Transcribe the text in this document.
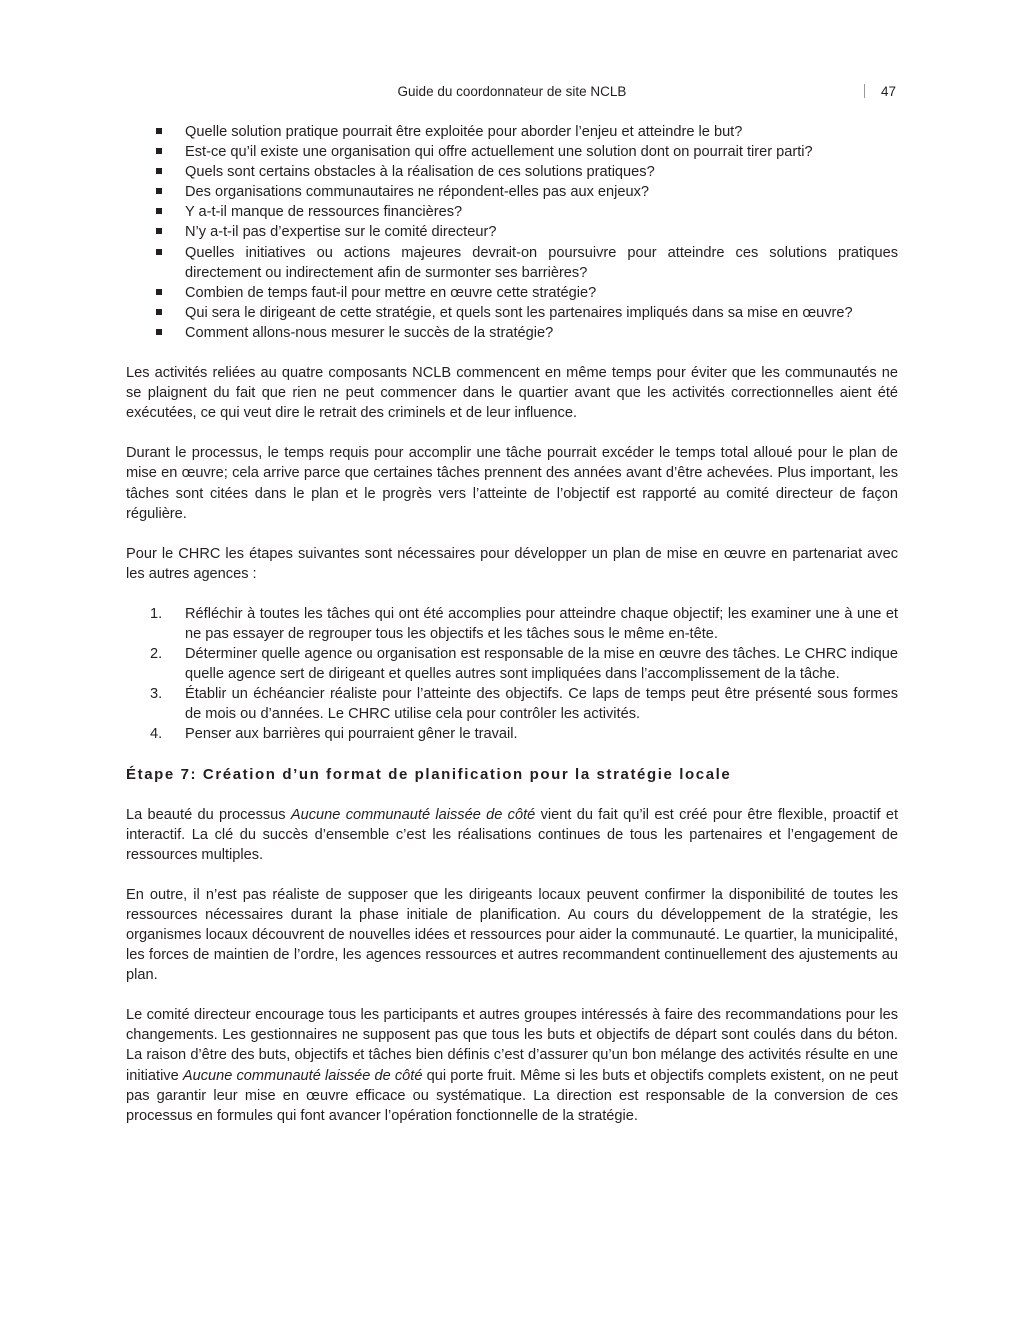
Guide du coordonnateur de site NCLB	47
Quelle solution pratique pourrait être exploitée pour aborder l’enjeu et atteindre le but?
Est-ce qu’il existe une organisation qui offre actuellement une solution dont on pourrait tirer parti?
Quels sont certains obstacles à la réalisation de ces solutions pratiques?
Des organisations communautaires ne répondent-elles pas aux enjeux?
Y a-t-il manque de ressources financières?
N’y a-t-il pas d’expertise sur le comité directeur?
Quelles initiatives ou actions majeures devrait-on poursuivre pour atteindre ces solutions pratiques directement ou indirectement afin de surmonter ses barrières?
Combien de temps faut-il pour mettre en œuvre cette stratégie?
Qui sera le dirigeant de cette stratégie, et quels sont les partenaires impliqués dans sa mise en œuvre?
Comment allons-nous mesurer le succès de la stratégie?

Les activités reliées au quatre composants NCLB commencent en même temps pour éviter que les communautés ne se plaignent du fait que rien ne peut commencer dans le quartier avant que les activités correctionnelles aient été exécutées, ce qui veut dire le retrait des criminels et de leur influence.

Durant le processus, le temps requis pour accomplir une tâche pourrait excéder le temps total alloué pour le plan de mise en œuvre; cela arrive parce que certaines tâches prennent des années avant d’être achevées. Plus important, les tâches sont citées dans le plan et le progrès vers l’atteinte de l’objectif est rapporté au comité directeur de façon régulière.

Pour le CHRC les étapes suivantes sont nécessaires pour développer un plan de mise en œuvre en partenariat avec les autres agences :

1.	Réfléchir à toutes les tâches qui ont été accomplies pour atteindre chaque objectif; les examiner une à une et ne pas essayer de regrouper tous les objectifs et les tâches sous le même en-tête.
2.	Déterminer quelle agence ou organisation est responsable de la mise en œuvre des tâches. Le CHRC indique quelle agence sert de dirigeant et quelles autres sont impliquées dans l’accomplissement de la tâche.
3.	Établir un échéancier réaliste pour l’atteinte des objectifs. Ce laps de temps peut être présenté sous formes de mois ou d’années. Le CHRC utilise cela pour contrôler les activités.
4.	Penser aux barrières qui pourraient gêner le travail.
Étape 7: Création d’un format de planification pour la stratégie locale

La beauté du processus Aucune communauté laissée de côté vient du fait qu’il est créé pour être flexible, proactif et interactif. La clé du succès d’ensemble c’est les réalisations continues de tous les partenaires et l’engagement de ressources multiples.

En outre, il n’est pas réaliste de supposer que les dirigeants locaux peuvent confirmer la disponibilité de toutes les ressources nécessaires durant la phase initiale de planification. Au cours du développement de la stratégie, les organismes locaux découvrent de nouvelles idées et ressources pour aider la communauté. Le quartier, la municipalité, les forces de maintien de l’ordre, les agences ressources et autres recommandent continuellement des ajustements au plan.

Le comité directeur encourage tous les participants et autres groupes intéressés à faire des recommandations pour les changements. Les gestionnaires ne supposent pas que tous les buts et objectifs de départ sont coulés dans du béton. La raison d’être des buts, objectifs et tâches bien définis c’est d’assurer qu’un bon mélange des activités résulte en une initiative Aucune communauté laissée de côté qui porte fruit. Même si les buts et objectifs complets existent, on ne peut pas garantir leur mise en œuvre efficace ou systématique. La direction est responsable de la conversion de ces processus en formules qui font avancer l’opération fonctionnelle de la stratégie.
